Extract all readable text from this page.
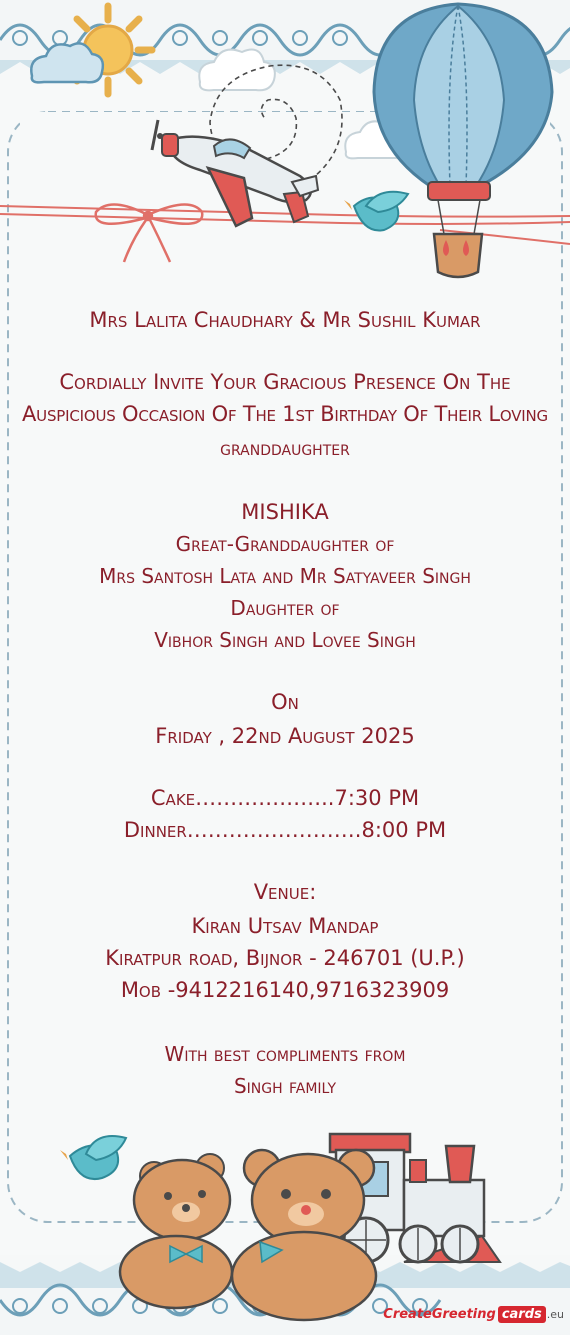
Mrs Lalita Chaudhary & Mr Sushil Kumar
Cordially Invite Your Gracious Presence On The
Auspicious Occasion Of The 1st Birthday Of Their Loving
granddaughter
MISHIKA
Great-Granddaughter of
Mrs Santosh Lata and Mr Satyaveer Singh
Daughter of
Vibhor Singh and Lovee Singh
On
Friday , 22nd August 2025
Cake………………..7:30 PM
Dinner…………………….8:00 PM
Venue:
Kiran Utsav Mandap
Kiratpur road, Bijnor - 246701 (U.P.)
Mob -9412216140,9716323909
With best compliments from
Singh family
CreateGreeting cards .eu
